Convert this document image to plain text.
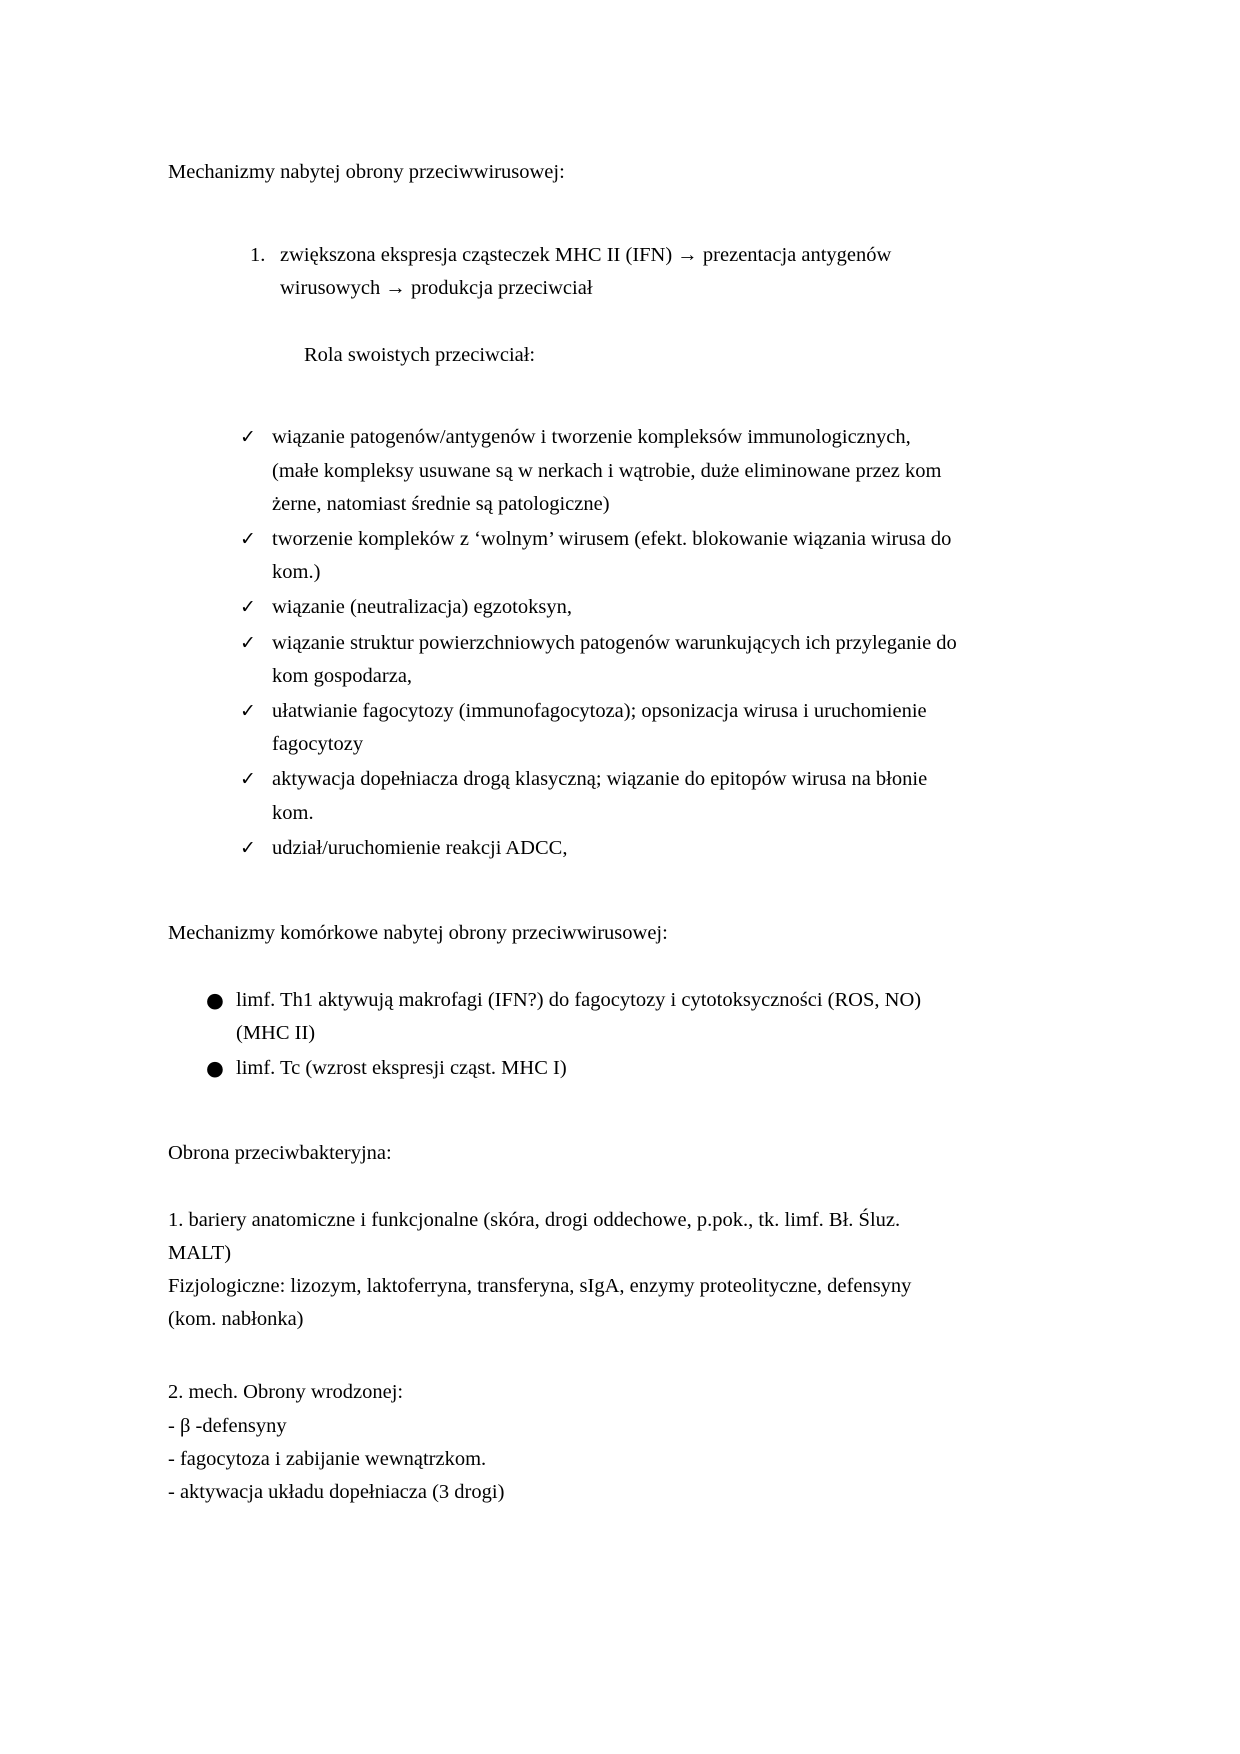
Mechanizmy nabytej obrony przeciwwirusowej:
1. zwiększona ekspresja cząsteczek MHC II (IFN) → prezentacja antygenów wirusowych → produkcja przeciwciał
Rola swoistych przeciwciał:
✓ wiązanie patogenów/antygenów i tworzenie kompleksów immunologicznych, (małe kompleksy usuwane są w nerkach i wątrobie, duże eliminowane przez kom żerne, natomiast średnie są patologiczne)
✓ tworzenie kompleków z ‘wolnym’ wirusem (efekt. blokowanie wiązania wirusa do kom.)
✓ wiązanie (neutralizacja) egzotoksyn,
✓ wiązanie struktur powierzchniowych patogenów warunkujących ich przyleganie do kom gospodarza,
✓ ułatwianie fagocytozy (immunofagocytoza); opsonizacja wirusa i uruchomienie fagocytozy
✓ aktywacja dopełniacza drogą klasyczną; wiązanie do epitopów wirusa na błonie kom.
✓ udział/uruchomienie reakcji ADCC,
Mechanizmy komórkowe nabytej obrony przeciwwirusowej:
● limf. Th1 aktywują makrofagi (IFN?) do fagocytozy i cytotoksyczności (ROS, NO) (MHC II)
● limf. Tc (wzrost ekspresji cząst. MHC I)
Obrona przeciwbakteryjna:
1. bariery anatomiczne i funkcjonalne (skóra, drogi oddechowe, p.pok., tk. limf. Bł. Śluz. MALT)
Fizjologiczne: lizozym, laktoferryna, transferyna, sIgA, enzymy proteolityczne, defensyny (kom. nabłonka)
2. mech. Obrony wrodzonej:
- β -defensyny
- fagocytoza i zabijanie wewnątrzkom.
- aktywacja układu dopełniacza (3 drogi)
